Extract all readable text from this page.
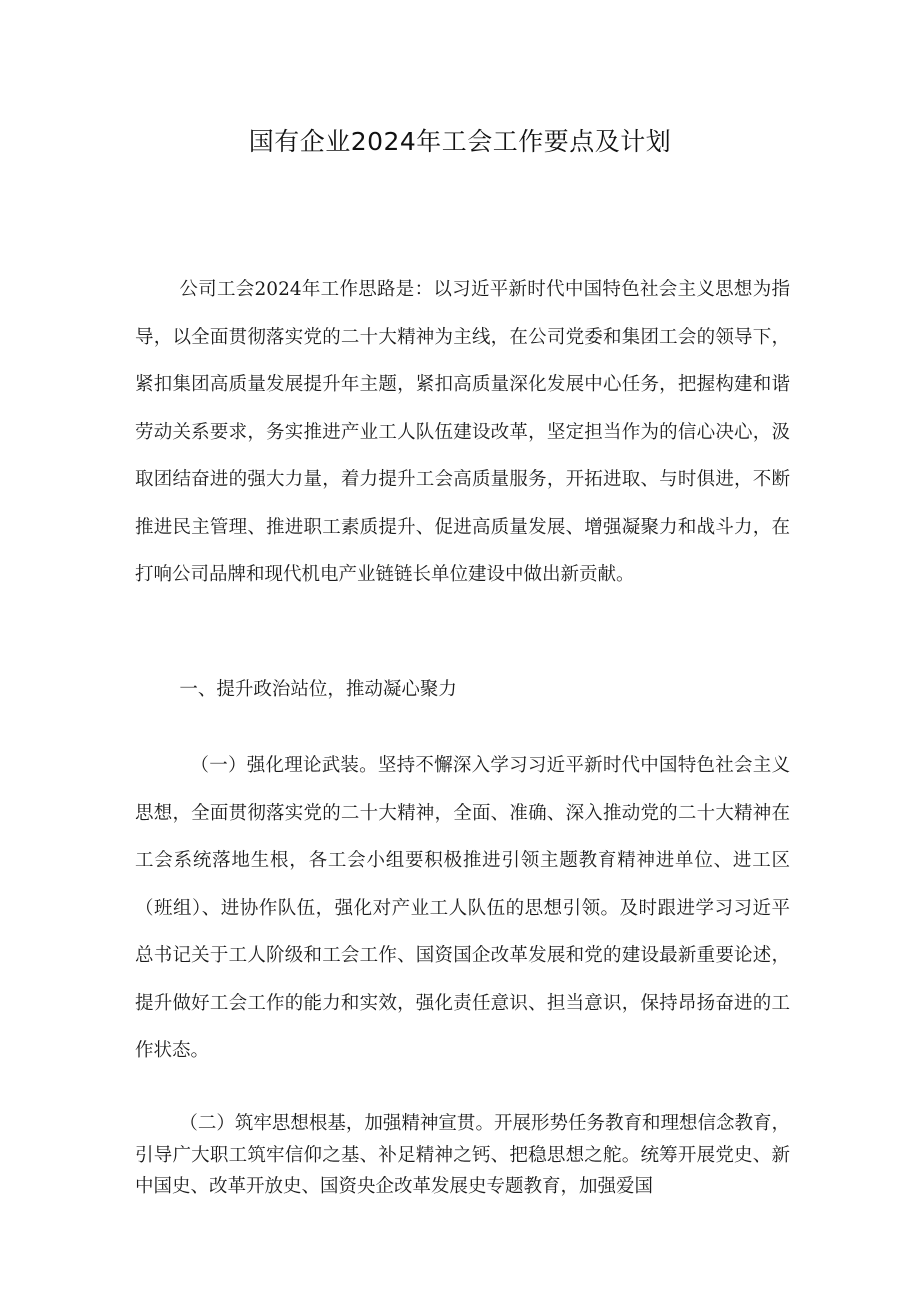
国有企业2024年工会工作要点及计划

公司工会2024年工作思路是：以习近平新时代中国特色社会主义思想为指导，以全面贯彻落实党的二十大精神为主线，在公司党委和集团工会的领导下，紧扣集团高质量发展提升年主题，紧扣高质量深化发展中心任务，把握构建和谐劳动关系要求，务实推进产业工人队伍建设改革，坚定担当作为的信心决心，汲取团结奋进的强大力量，着力提升工会高质量服务，开拓进取、与时俱进，不断推进民主管理、推进职工素质提升、促进高质量发展、增强凝聚力和战斗力，在打响公司品牌和现代机电产业链链长单位建设中做出新贡献。

一、提升政治站位，推动凝心聚力

（一）强化理论武装。坚持不懈深入学习习近平新时代中国特色社会主义思想，全面贯彻落实党的二十大精神，全面、准确、深入推动党的二十大精神在工会系统落地生根，各工会小组要积极推进引领主题教育精神进单位、进工区（班组）、进协作队伍，强化对产业工人队伍的思想引领。及时跟进学习习近平总书记关于工人阶级和工会工作、国资国企改革发展和党的建设最新重要论述，提升做好工会工作的能力和实效，强化责任意识、担当意识，保持昂扬奋进的工作状态。

（二）筑牢思想根基，加强精神宣贯。开展形势任务教育和理想信念教育，引导广大职工筑牢信仰之基、补足精神之钙、把稳思想之舵。统筹开展党史、新中国史、改革开放史、国资央企改革发展史专题教育，加强爱国
